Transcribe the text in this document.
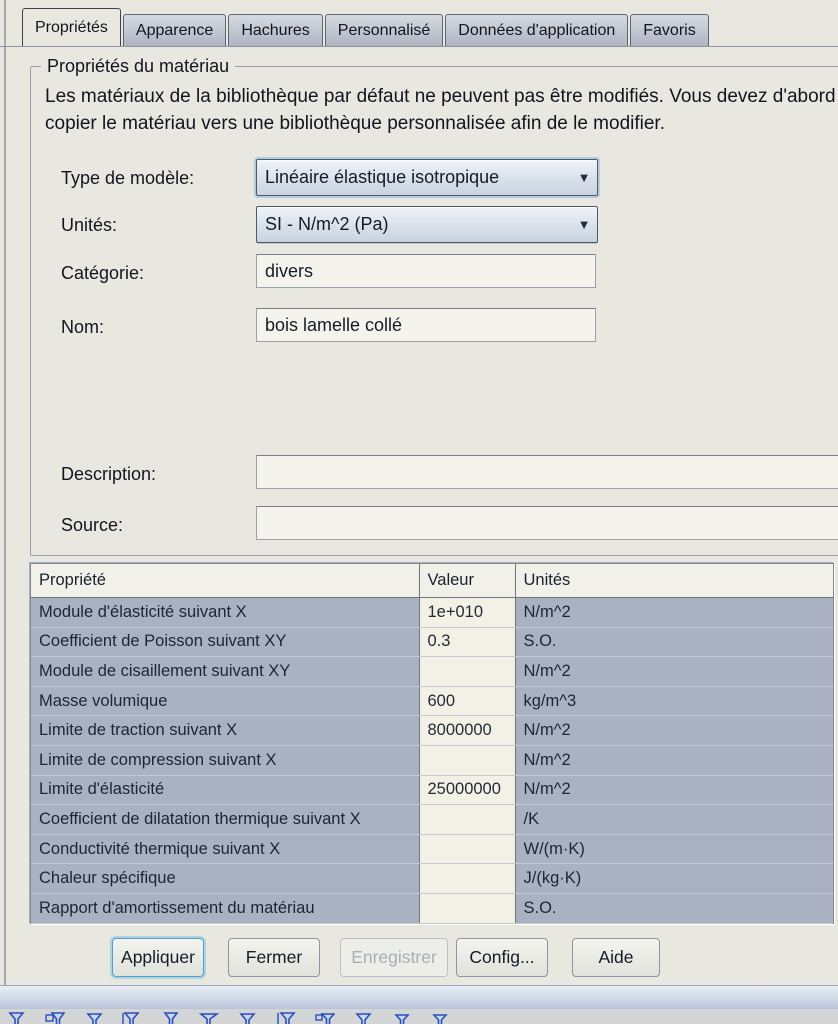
Propriétés	Apparence	Hachures	Personnalisé	Données d'application	Favoris
Propriétés du matériau
Les matériaux de la bibliothèque par défaut ne peuvent pas être modifiés. Vous devez d'abord copier le matériau vers une bibliothèque personnalisée afin de le modifier.
Type de modèle:	Linéaire élastique isotropique	▼
Unités:	SI - N/m^2 (Pa)	▼
Catégorie:
divers
Nom:
bois lamelle collé
Description:
Source:
Propriété	Valeur	Unités
Module d'élasticité suivant X	1e+010	N/m^2
Coefficient de Poisson suivant XY	0.3	S.O.
Module de cisaillement suivant XY		N/m^2
Masse volumique	600	kg/m^3
Limite de traction suivant X	8000000	N/m^2
Limite de compression suivant X		N/m^2
Limite d'élasticité	25000000	N/m^2
Coefficient de dilatation thermique suivant X		/K
Conductivité thermique suivant X		W/(m·K)
Chaleur spécifique		J/(kg·K)
Rapport d'amortissement du matériau		S.O.
Appliquer	Fermer	Enregistrer	Config...	Aide
